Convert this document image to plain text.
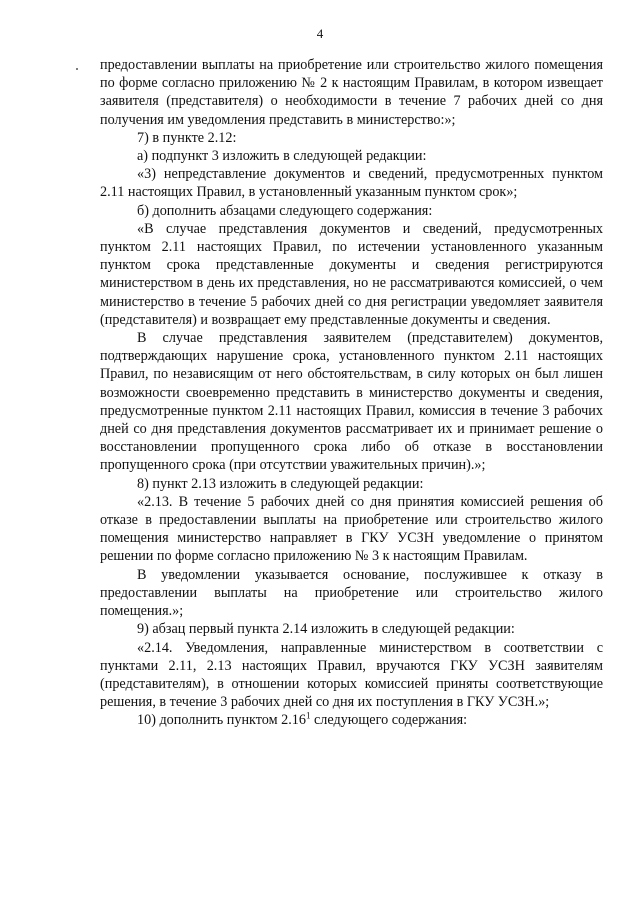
4

предоставлении выплаты на приобретение или строительство жилого помещения по форме согласно приложению № 2 к настоящим Правилам, в котором извещает заявителя (представителя) о необходимости в течение 7 рабочих дней со дня получения им уведомления представить в министерство:»;

7) в пункте 2.12:

а) подпункт 3 изложить в следующей редакции:

«3) непредставление документов и сведений, предусмотренных пунктом 2.11 настоящих Правил, в установленный указанным пунктом срок»;

б) дополнить абзацами следующего содержания:

«В случае представления документов и сведений, предусмотренных пунктом 2.11 настоящих Правил, по истечении установленного указанным пунктом срока представленные документы и сведения регистрируются министерством в день их представления, но не рассматриваются комиссией, о чем министерство в течение 5 рабочих дней со дня регистрации уведомляет заявителя (представителя) и возвращает ему представленные документы и сведения.

В случае представления заявителем (представителем) документов, подтверждающих нарушение срока, установленного пунктом 2.11 настоящих Правил, по независящим от него обстоятельствам, в силу которых он был лишен возможности своевременно представить в министерство документы и сведения, предусмотренные пунктом 2.11 настоящих Правил, комиссия в течение 3 рабочих дней со дня представления документов рассматривает их и принимает решение о восстановлении пропущенного срока либо об отказе в восстановлении пропущенного срока (при отсутствии уважительных причин).»;

8) пункт 2.13 изложить в следующей редакции:

«2.13. В течение 5 рабочих дней со дня принятия комиссией решения об отказе в предоставлении выплаты на приобретение или строительство жилого помещения министерство направляет в ГКУ УСЗН уведомление о принятом решении по форме согласно приложению № 3 к настоящим Правилам.

В уведомлении указывается основание, послужившее к отказу в предоставлении выплаты на приобретение или строительство жилого помещения.»;

9) абзац первый пункта 2.14 изложить в следующей редакции:

«2.14. Уведомления, направленные министерством в соответствии с пунктами 2.11, 2.13 настоящих Правил, вручаются ГКУ УСЗН заявителям (представителям), в отношении которых комиссией приняты соответствующие решения, в течение 3 рабочих дней со дня их поступления в ГКУ УСЗН.»;

10) дополнить пунктом 2.16$^1$ следующего содержания:
